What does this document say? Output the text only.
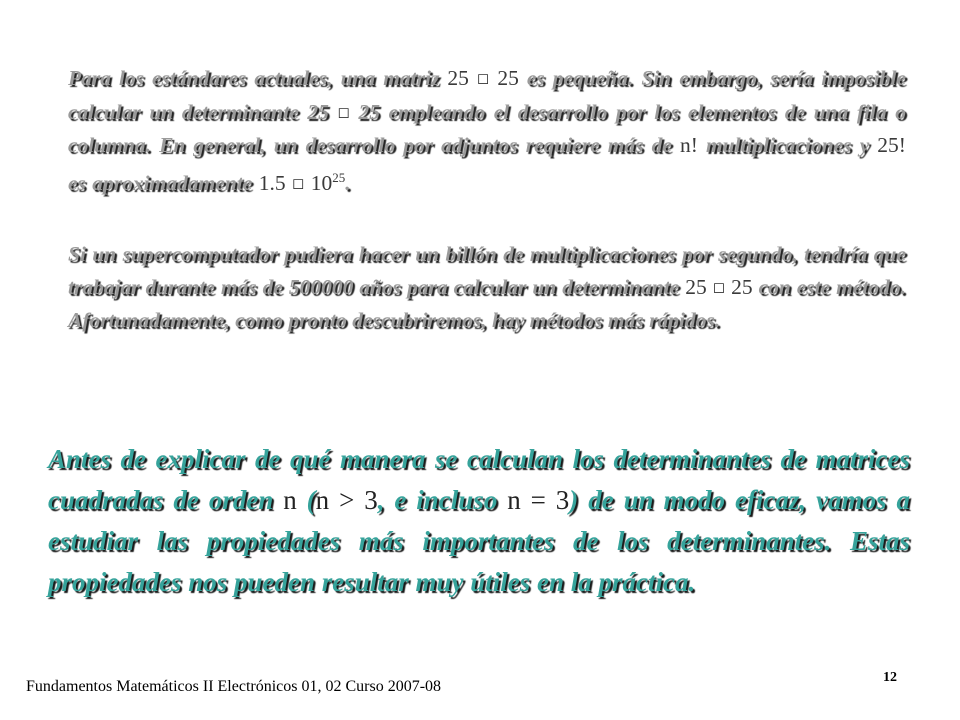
Para los estándares actuales, una matriz 25 ◻ 25 es pequeña. Sin embargo, sería imposible calcular un determinante 25 ◻ 25 empleando el desarrollo por los elementos de una fila o columna. En general, un desarrollo por adjuntos requiere más de n! multiplicaciones y 25! es aproximadamente 1.5 ◻ $10^{25}$.

Si un supercomputador pudiera hacer un billón de multiplicaciones por segundo, tendría que trabajar durante más de 500000 años para calcular un determinante 25 ◻ 25 con este método. Afortunadamente, como pronto descubriremos, hay métodos más rápidos.

Antes de explicar de qué manera se calculan los determinantes de matrices cuadradas de orden n (n > 3, e incluso n = 3) de un modo eficaz, vamos a estudiar las propiedades más importantes de los determinantes. Estas propiedades nos pueden resultar muy útiles en la práctica.

Fundamentos Matemáticos II Electrónicos 01, 02 Curso 2007-08
12
